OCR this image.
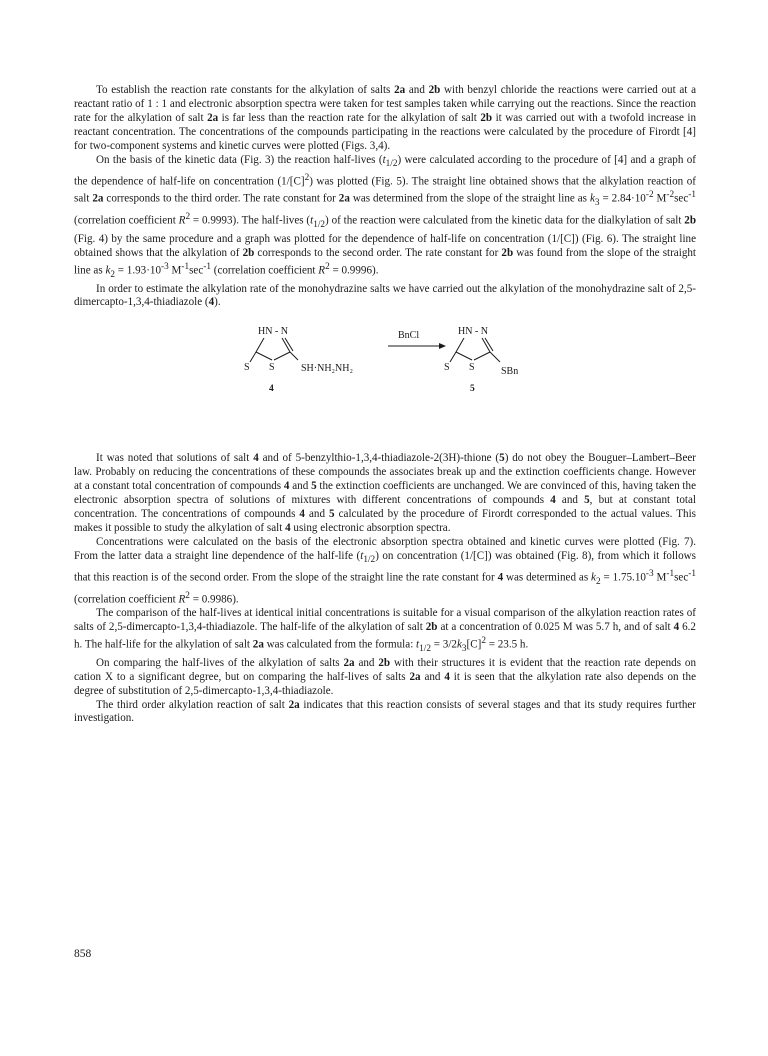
To establish the reaction rate constants for the alkylation of salts 2a and 2b with benzyl chloride the reactions were carried out at a reactant ratio of 1 : 1 and electronic absorption spectra were taken for test samples taken while carrying out the reactions. Since the reaction rate for the alkylation of salt 2a is far less than the reaction rate for the alkylation of salt 2b it was carried out with a twofold increase in reactant concentration. The concentrations of the compounds participating in the reactions were calculated by the procedure of Firordt [4] for two-component systems and kinetic curves were plotted (Figs. 3,4).

On the basis of the kinetic data (Fig. 3) the reaction half-lives $(t_{1/2})$ were calculated according to the procedure of [4] and a graph of the dependence of half-life on concentration $(1/[C]^2)$ was plotted (Fig. 5). The straight line obtained shows that the alkylation reaction of salt 2a corresponds to the third order. The rate constant for 2a was determined from the slope of the straight line as $k_3 = 2.84\cdot 10^{-2}$ $M^{-2}\sec^{-1}$ (correlation coefficient $R^2 = 0.9993$). The half-lives $(t_{1/2})$ of the reaction were calculated from the kinetic data for the dialkylation of salt 2b (Fig. 4) by the same procedure and a graph was plotted for the dependence of half-life on concentration (1/[C]) (Fig. 6). The straight line obtained shows that the alkylation of 2b corresponds to the second order. The rate constant for 2b was found from the slope of the straight line as $k_2 = 1.93\cdot 10^{-3}$ $M^{-1}\sec^{-1}$ (correlation coefficient $R^2 = 0.9996$).

In order to estimate the alkylation rate of the monohydrazine salts we have carried out the alkylation of the monohydrazine salt of 2,5-dimercapto-1,3,4-thiadiazole (4).

HN - N
S S	SH·NH₂NH₂
4
BnCl	HN - N
S S	SBn
5

It was noted that solutions of salt 4 and of 5-benzylthio-1,3,4-thiadiazole-2(3H)-thione (5) do not obey the Bouguer–Lambert–Beer law. Probably on reducing the concentrations of these compounds the associates break up and the extinction coefficients change. However at a constant total concentration of compounds 4 and 5 the extinction coefficients are unchanged. We are convinced of this, having taken the electronic absorption spectra of solutions of mixtures with different concentrations of compounds 4 and 5, but at constant total concentration. The concentrations of compounds 4 and 5 calculated by the procedure of Firordt corresponded to the actual values. This makes it possible to study the alkylation of salt 4 using electronic absorption spectra.

Concentrations were calculated on the basis of the electronic absorption spectra obtained and kinetic curves were plotted (Fig. 7). From the latter data a straight line dependence of the half-life $(t_{1/2})$ on concentration (1/[C]) was obtained (Fig. 8), from which it follows that this reaction is of the second order. From the slope of the straight line the rate constant for 4 was determined as $k_2 = 1.75.10^{-3}$ $M^{-1}\sec^{-1}$ (correlation coefficient $R^2 = 0.9986$).

The comparison of the half-lives at identical initial concentrations is suitable for a visual comparison of the alkylation reaction rates of salts of 2,5-dimercapto-1,3,4-thiadiazole. The half-life of the alkylation of salt 2b at a concentration of 0.025 M was 5.7 h, and of salt 4 6.2 h. The half-life for the alkylation of salt 2a was calculated from the formula: $t_{1/2} = 3/2k_3[C]^2 = 23.5$ h.

On comparing the half-lives of the alkylation of salts 2a and 2b with their structures it is evident that the reaction rate depends on cation X to a significant degree, but on comparing the half-lives of salts 2a and 4 it is seen that the alkylation rate also depends on the degree of substitution of 2,5-dimercapto-1,3,4-thiadiazole.

The third order alkylation reaction of salt 2a indicates that this reaction consists of several stages and that its study requires further investigation.

858
